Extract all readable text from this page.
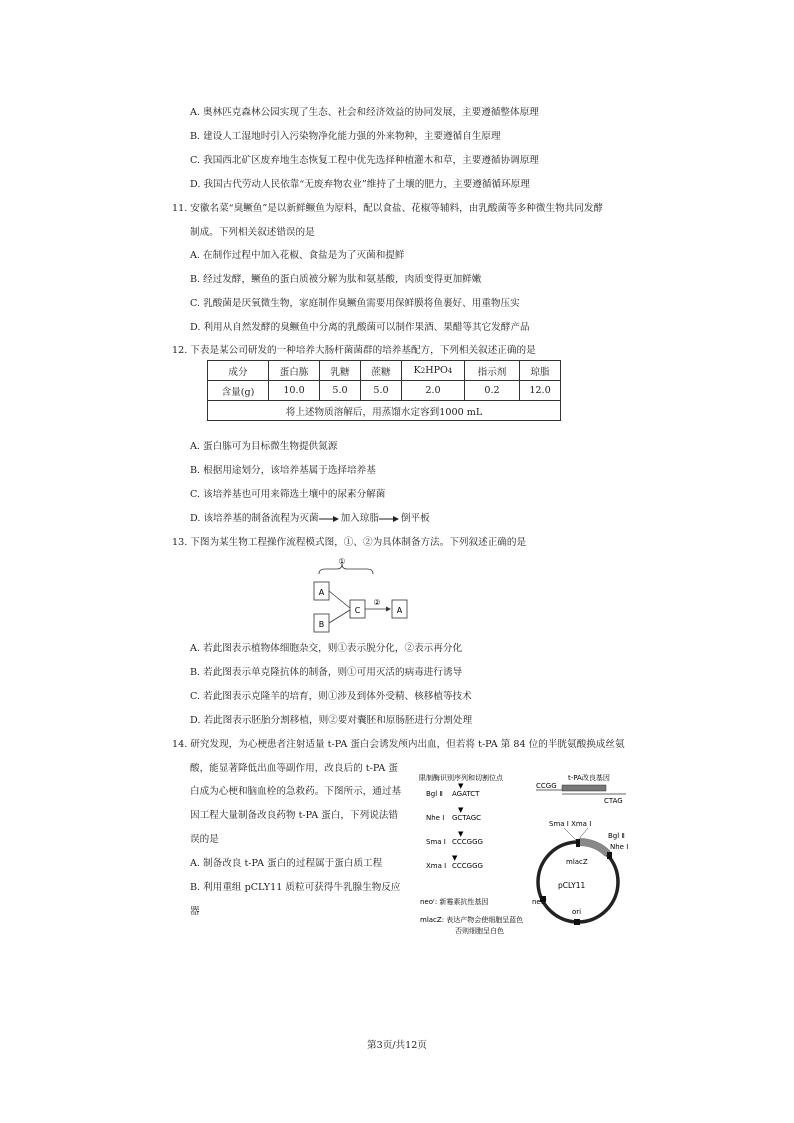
A. 奥林匹克森林公园实现了生态、社会和经济效益的协同发展，主要遵循整体原理
B. 建设人工湿地时引入污染物净化能力强的外来物种，主要遵循自生原理
C. 我国西北矿区废弃地生态恢复工程中优先选择种植灌木和草，主要遵循协调原理
D. 我国古代劳动人民依靠“无废弃物农业”维持了土壤的肥力，主要遵循循环原理
11. 安徽名菜“臭鳜鱼”是以新鲜鳜鱼为原料，配以食盐、花椒等辅料，由乳酸菌等多种微生物共同发酵
制成。下列相关叙述错误的是
A. 在制作过程中加入花椒、食盐是为了灭菌和提鲜
B. 经过发酵，鳜鱼的蛋白质被分解为肽和氨基酸，肉质变得更加鲜嫩
C. 乳酸菌是厌氧微生物，家庭制作臭鳜鱼需要用保鲜膜将鱼裹好、用重物压实
D. 利用从自然发酵的臭鳜鱼中分离的乳酸菌可以制作果酒、果醋等其它发酵产品
12. 下表是某公司研发的一种培养大肠杆菌菌群的培养基配方，下列相关叙述正确的是
成分	蛋白胨	乳糖	蔗糖	K2HPO4	指示剂	琼脂
含量(g)	10.0	5.0	5.0	2.0	0.2	12.0
将上述物质溶解后，用蒸馏水定容到1000 mL						
A. 蛋白胨可为目标微生物提供氮源
B. 根据用途划分，该培养基属于选择培养基
C. 该培养基也可用来筛选土壤中的尿素分解菌
D. 该培养基的制备流程为灭菌 加入琼脂 倒平板
13. 下图为某生物工程操作流程模式图，①、②为具体制备方法。下列叙述正确的是
①
A
B
C
②
A
A. 若此图表示植物体细胞杂交，则①表示脱分化，②表示再分化
B. 若此图表示单克隆抗体的制备，则①可用灭活的病毒进行诱导
C. 若此图表示克隆羊的培育，则①涉及到体外受精、核移植等技术
D. 若此图表示胚胎分割移植，则②要对囊胚和原肠胚进行分割处理
14. 研究发现，为心梗患者注射适量 t-PA 蛋白会诱发颅内出血，但若将 t-PA 第 84 位的半胱氨酸换成丝氨
酸，能显著降低出血等副作用，改良后的 t-PA 蛋
白成为心梗和脑血栓的急救药。下图所示，通过基
因工程大量制备改良药物 t-PA 蛋白，下列说法错
误的是
A. 制备改良 t-PA 蛋白的过程属于蛋白质工程
B. 利用重组 pCLY11 质粒可获得牛乳腺生物反应
器
限制酶识别序列和切割位点
Bgl Ⅱ
▼
AGATCT
Nhe Ⅰ
▼
GCTAGC
Sma Ⅰ
▼
CCCGGG
Xma Ⅰ
▼
CCCGGG
neoʳ: 新霉素抗性基因
mlacZ: 表达产物会使细胞呈蓝色
否则细胞呈白色
CCGG
t-PA改良基因
CTAG
Sma Ⅰ Xma Ⅰ
Bgl Ⅱ
Nhe Ⅰ
mlacZ
pCLY11
neoʳ
ori
第3页/共12页
